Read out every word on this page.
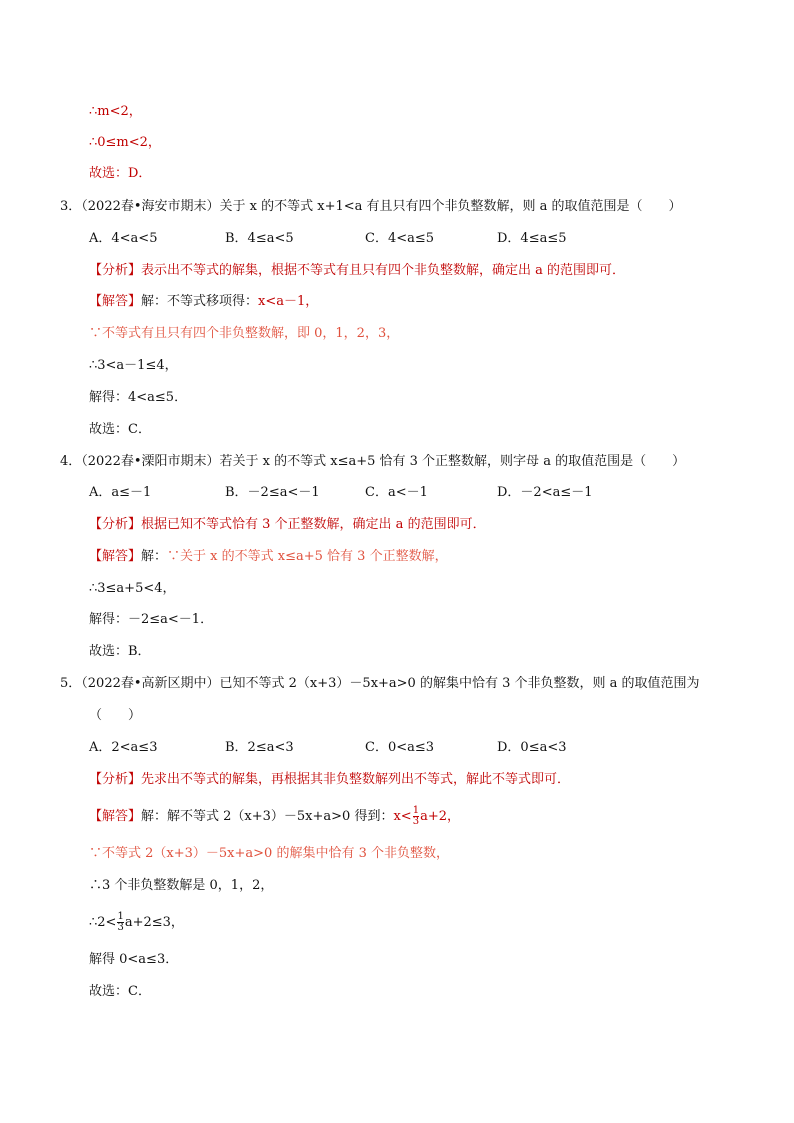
∴m<2，
∴0≤m<2，
故选：D．
3．（2022春•海安市期末）关于 x 的不等式 x+1<a 有且只有四个非负整数解，则 a 的取值范围是（　　）
A．4<a<5	B．4≤a<5	C．4<a≤5	D．4≤a≤5
【分析】表示出不等式的解集，根据不等式有且只有四个非负整数解，确定出 a 的范围即可．
【解答】解：不等式移项得：x<a－1，
∵不等式有且只有四个非负整数解，即 0，1，2，3，
∴3<a－1≤4，
解得：4<a≤5．
故选：C．
4．（2022春•溧阳市期末）若关于 x 的不等式 x≤a+5 恰有 3 个正整数解，则字母 a 的取值范围是（　　）
A．a≤－1	B．－2≤a<－1	C．a<－1	D．－2<a≤－1
【分析】根据已知不等式恰有 3 个正整数解，确定出 a 的范围即可．
【解答】解：∵关于 x 的不等式 x≤a+5 恰有 3 个正整数解，
∴3≤a+5<4，
解得：－2≤a<－1．
故选：B．
5．（2022春•高新区期中）已知不等式 2（x+3）－5x+a>0 的解集中恰有 3 个非负整数，则 a 的取值范围为
（　　）
A．2<a≤3	B．2≤a<3	C．0<a≤3	D．0≤a<3
【分析】先求出不等式的解集，再根据其非负整数解列出不等式，解此不等式即可．
【解答】解：解不等式 2（x+3）－5x+a>0 得到：$x< \frac{1}{3} a+2$，
∵不等式 2（x+3）－5x+a>0 的解集中恰有 3 个非负整数，
∴3 个非负整数解是 0，1，2，
∴2< $\frac{1}{3} a+2\le 3$，
解得 0<a≤3．
故选：C．
